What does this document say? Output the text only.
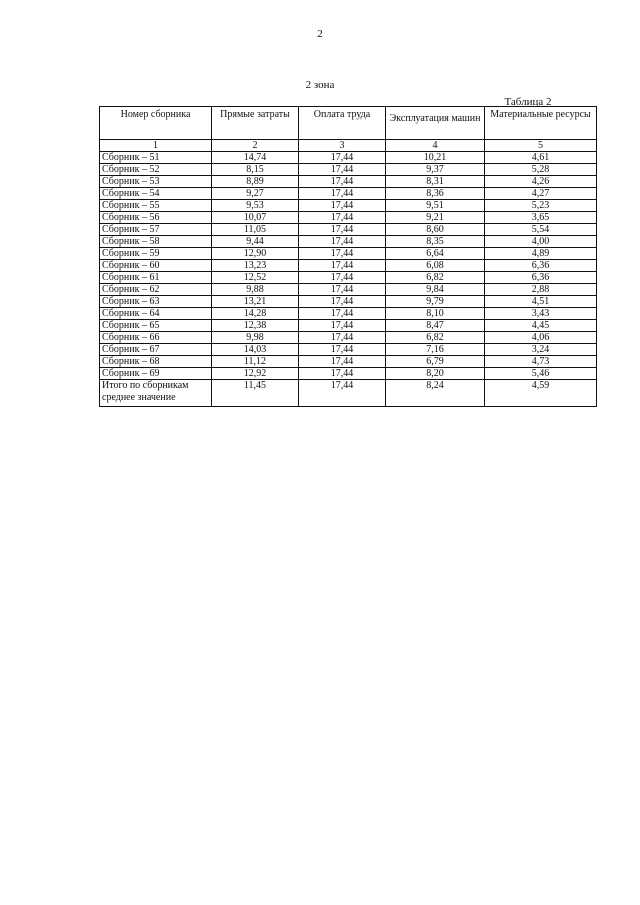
2
2 зона
Таблица 2
Номер сборника	Прямые затраты	Оплата труда	Эксплуатация машин	Материальные ресурсы
1	2	3	4	5
Сборник – 51	14,74	17,44	10,21	4,61
Сборник – 52	8,15	17,44	9,37	5,28
Сборник – 53	8,89	17,44	8,31	4,26
Сборник – 54	9,27	17,44	8,36	4,27
Сборник – 55	9,53	17,44	9,51	5,23
Сборник – 56	10,07	17,44	9,21	3,65
Сборник – 57	11,05	17,44	8,60	5,54
Сборник – 58	9,44	17,44	8,35	4,00
Сборник – 59	12,90	17,44	6,64	4,89
Сборник – 60	13,23	17,44	6,08	6,36
Сборник – 61	12,52	17,44	6,82	6,36
Сборник – 62	9,88	17,44	9,84	2,88
Сборник – 63	13,21	17,44	9,79	4,51
Сборник – 64	14,28	17,44	8,10	3,43
Сборник – 65	12,38	17,44	8,47	4,45
Сборник – 66	9,98	17,44	6,82	4,06
Сборник – 67	14,03	17,44	7,16	3,24
Сборник – 68	11,12	17,44	6,79	4,73
Сборник – 69	12,92	17,44	8,20	5,46

Итого по сборникам
среднее значение	11,45	17,44	8,24	4,59
